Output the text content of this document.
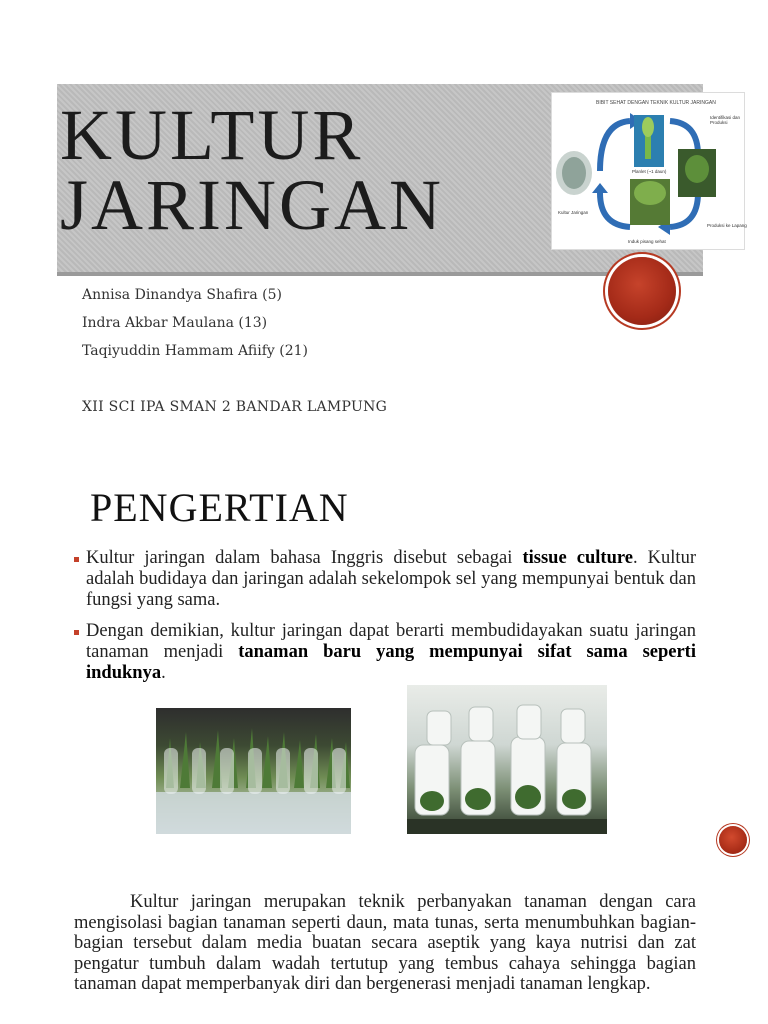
KULTUR
JARINGAN
BIBIT SEHAT DENGAN TEKNIK KULTUR JARINGAN
Identifikasi dan Produksi
Produksi ke Lapang
Induk pisang sehat
Kultur Jaringan
Planlet (~1 daun)
Annisa Dinandya Shafira (5)
Indra Akbar Maulana (13)
Taqiyuddin Hammam Afiify (21)
XII SCI IPA SMAN 2 BANDAR LAMPUNG
PENGERTIAN
Kultur jaringan dalam bahasa Inggris disebut sebagai tissue culture. Kultur adalah budidaya dan jaringan adalah sekelompok sel yang mempunyai bentuk dan fungsi yang sama.
Dengan demikian, kultur jaringan dapat berarti membudidayakan suatu jaringan tanaman menjadi tanaman baru yang mempunyai sifat sama seperti induknya.

Kultur jaringan merupakan teknik perbanyakan tanaman dengan cara mengisolasi bagian tanaman seperti daun, mata tunas, serta menumbuhkan bagian-bagian tersebut dalam media buatan secara aseptik yang kaya nutrisi dan zat pengatur tumbuh dalam wadah tertutup yang tembus cahaya sehingga bagian tanaman dapat memperbanyak diri dan bergenerasi menjadi tanaman lengkap.
